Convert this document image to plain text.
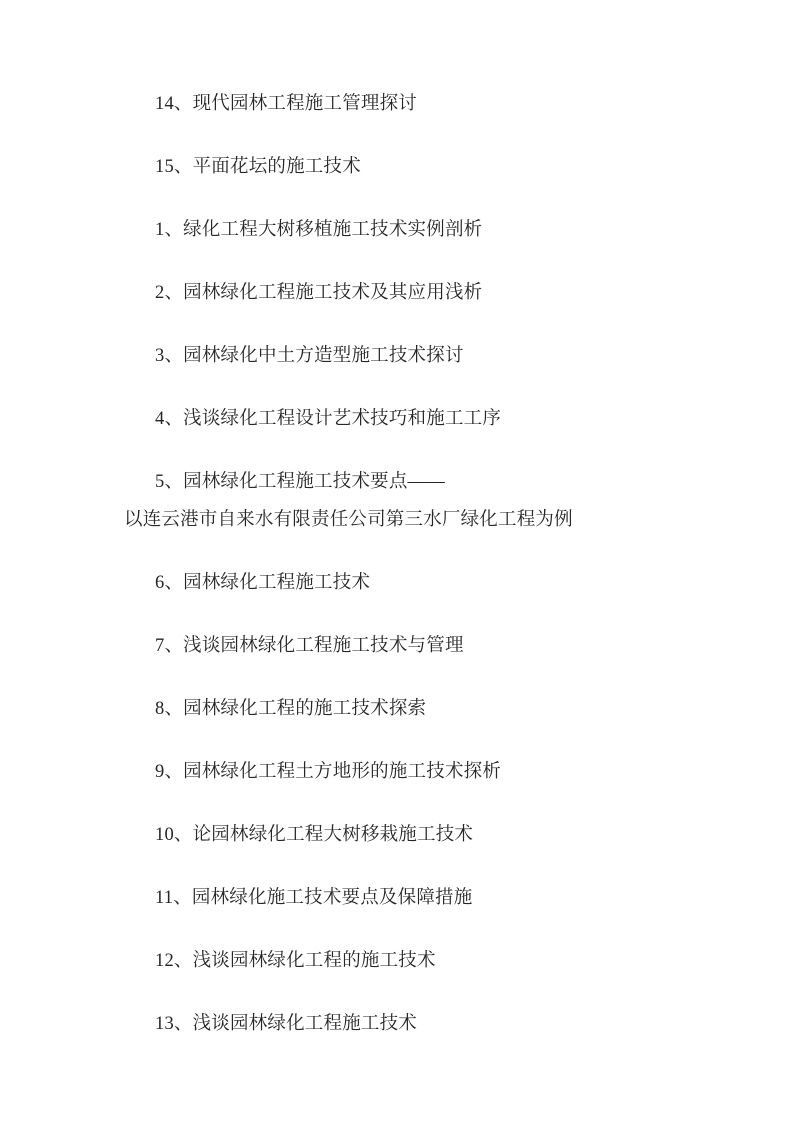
14、现代园林工程施工管理探讨

15、平面花坛的施工技术

1、绿化工程大树移植施工技术实例剖析

2、园林绿化工程施工技术及其应用浅析

3、园林绿化中土方造型施工技术探讨

4、浅谈绿化工程设计艺术技巧和施工工序

5、园林绿化工程施工技术要点——
以连云港市自来水有限责任公司第三水厂绿化工程为例

6、园林绿化工程施工技术

7、浅谈园林绿化工程施工技术与管理

8、园林绿化工程的施工技术探索

9、园林绿化工程土方地形的施工技术探析

10、论园林绿化工程大树移栽施工技术

11、园林绿化施工技术要点及保障措施

12、浅谈园林绿化工程的施工技术

13、浅谈园林绿化工程施工技术
